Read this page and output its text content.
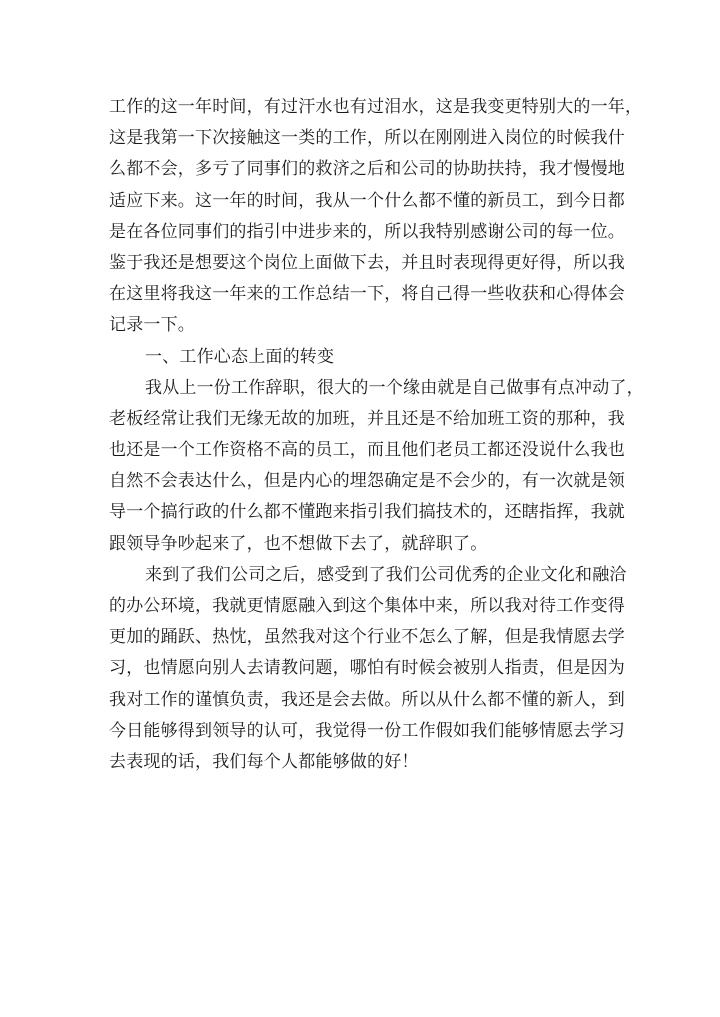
工作的这一年时间，有过汗水也有过泪水，这是我变更特别大的一年，
这是我第一下次接触这一类的工作，所以在刚刚进入岗位的时候我什
么都不会，多亏了同事们的救济之后和公司的协助扶持，我才慢慢地
适应下来。这一年的时间，我从一个什么都不懂的新员工，到今日都
是在各位同事们的指引中进步来的，所以我特别感谢公司的每一位。
鉴于我还是想要这个岗位上面做下去，并且时表现得更好得，所以我
在这里将我这一年来的工作总结一下，将自己得一些收获和心得体会
记录一下。
一、工作心态上面的转变
我从上一份工作辞职，很大的一个缘由就是自己做事有点冲动了，
老板经常让我们无缘无故的加班，并且还是不给加班工资的那种，我
也还是一个工作资格不高的员工，而且他们老员工都还没说什么我也
自然不会表达什么，但是内心的埋怨确定是不会少的，有一次就是领
导一个搞行政的什么都不懂跑来指引我们搞技术的，还瞎指挥，我就
跟领导争吵起来了，也不想做下去了，就辞职了。
来到了我们公司之后，感受到了我们公司优秀的企业文化和融洽
的办公环境，我就更情愿融入到这个集体中来，所以我对待工作变得
更加的踊跃、热忱，虽然我对这个行业不怎么了解，但是我情愿去学
习，也情愿向别人去请教问题，哪怕有时候会被别人指责，但是因为
我对工作的谨慎负责，我还是会去做。所以从什么都不懂的新人，到
今日能够得到领导的认可，我觉得一份工作假如我们能够情愿去学习
去表现的话，我们每个人都能够做的好！
